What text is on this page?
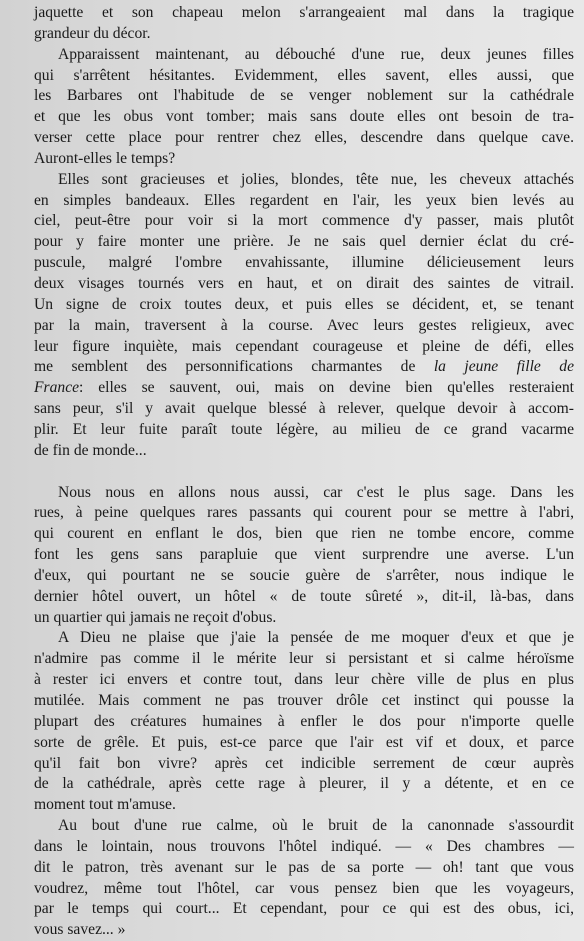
jaquette et son chapeau melon s'arrangeaient mal dans la tragique
grandeur du décor.
Apparaissent maintenant, au débouché d'une rue, deux jeunes filles
qui s'arrêtent hésitantes. Evidemment, elles savent, elles aussi, que
les Barbares ont l'habitude de se venger noblement sur la cathédrale
et que les obus vont tomber; mais sans doute elles ont besoin de tra-
verser cette place pour rentrer chez elles, descendre dans quelque cave.
Auront-elles le temps?
Elles sont gracieuses et jolies, blondes, tête nue, les cheveux attachés
en simples bandeaux. Elles regardent en l'air, les yeux bien levés au
ciel, peut-être pour voir si la mort commence d'y passer, mais plutôt
pour y faire monter une prière. Je ne sais quel dernier éclat du cré-
puscule, malgré l'ombre envahissante, illumine délicieusement leurs
deux visages tournés vers en haut, et on dirait des saintes de vitrail.
Un signe de croix toutes deux, et puis elles se décident, et, se tenant
par la main, traversent à la course. Avec leurs gestes religieux, avec
leur figure inquiète, mais cependant courageuse et pleine de défi, elles
me semblent des personnifications charmantes de la jeune fille de
France: elles se sauvent, oui, mais on devine bien qu'elles resteraient
sans peur, s'il y avait quelque blessé à relever, quelque devoir à accom-
plir. Et leur fuite paraît toute légère, au milieu de ce grand vacarme
de fin de monde...
Nous nous en allons nous aussi, car c'est le plus sage. Dans les
rues, à peine quelques rares passants qui courent pour se mettre à l'abri,
qui courent en enflant le dos, bien que rien ne tombe encore, comme
font les gens sans parapluie que vient surprendre une averse. L'un
d'eux, qui pourtant ne se soucie guère de s'arrêter, nous indique le
dernier hôtel ouvert, un hôtel « de toute sûreté », dit-il, là-bas, dans
un quartier qui jamais ne reçoit d'obus.
A Dieu ne plaise que j'aie la pensée de me moquer d'eux et que je
n'admire pas comme il le mérite leur si persistant et si calme héroïsme
à rester ici envers et contre tout, dans leur chère ville de plus en plus
mutilée. Mais comment ne pas trouver drôle cet instinct qui pousse la
plupart des créatures humaines à enfler le dos pour n'importe quelle
sorte de grêle. Et puis, est-ce parce que l'air est vif et doux, et parce
qu'il fait bon vivre? après cet indicible serrement de cœur auprès
de la cathédrale, après cette rage à pleurer, il y a détente, et en ce
moment tout m'amuse.
Au bout d'une rue calme, où le bruit de la canonnade s'assourdit
dans le lointain, nous trouvons l'hôtel indiqué. — « Des chambres —
dit le patron, très avenant sur le pas de sa porte — oh! tant que vous
voudrez, même tout l'hôtel, car vous pensez bien que les voyageurs,
par le temps qui court... Et cependant, pour ce qui est des obus, ici,
vous savez... »
